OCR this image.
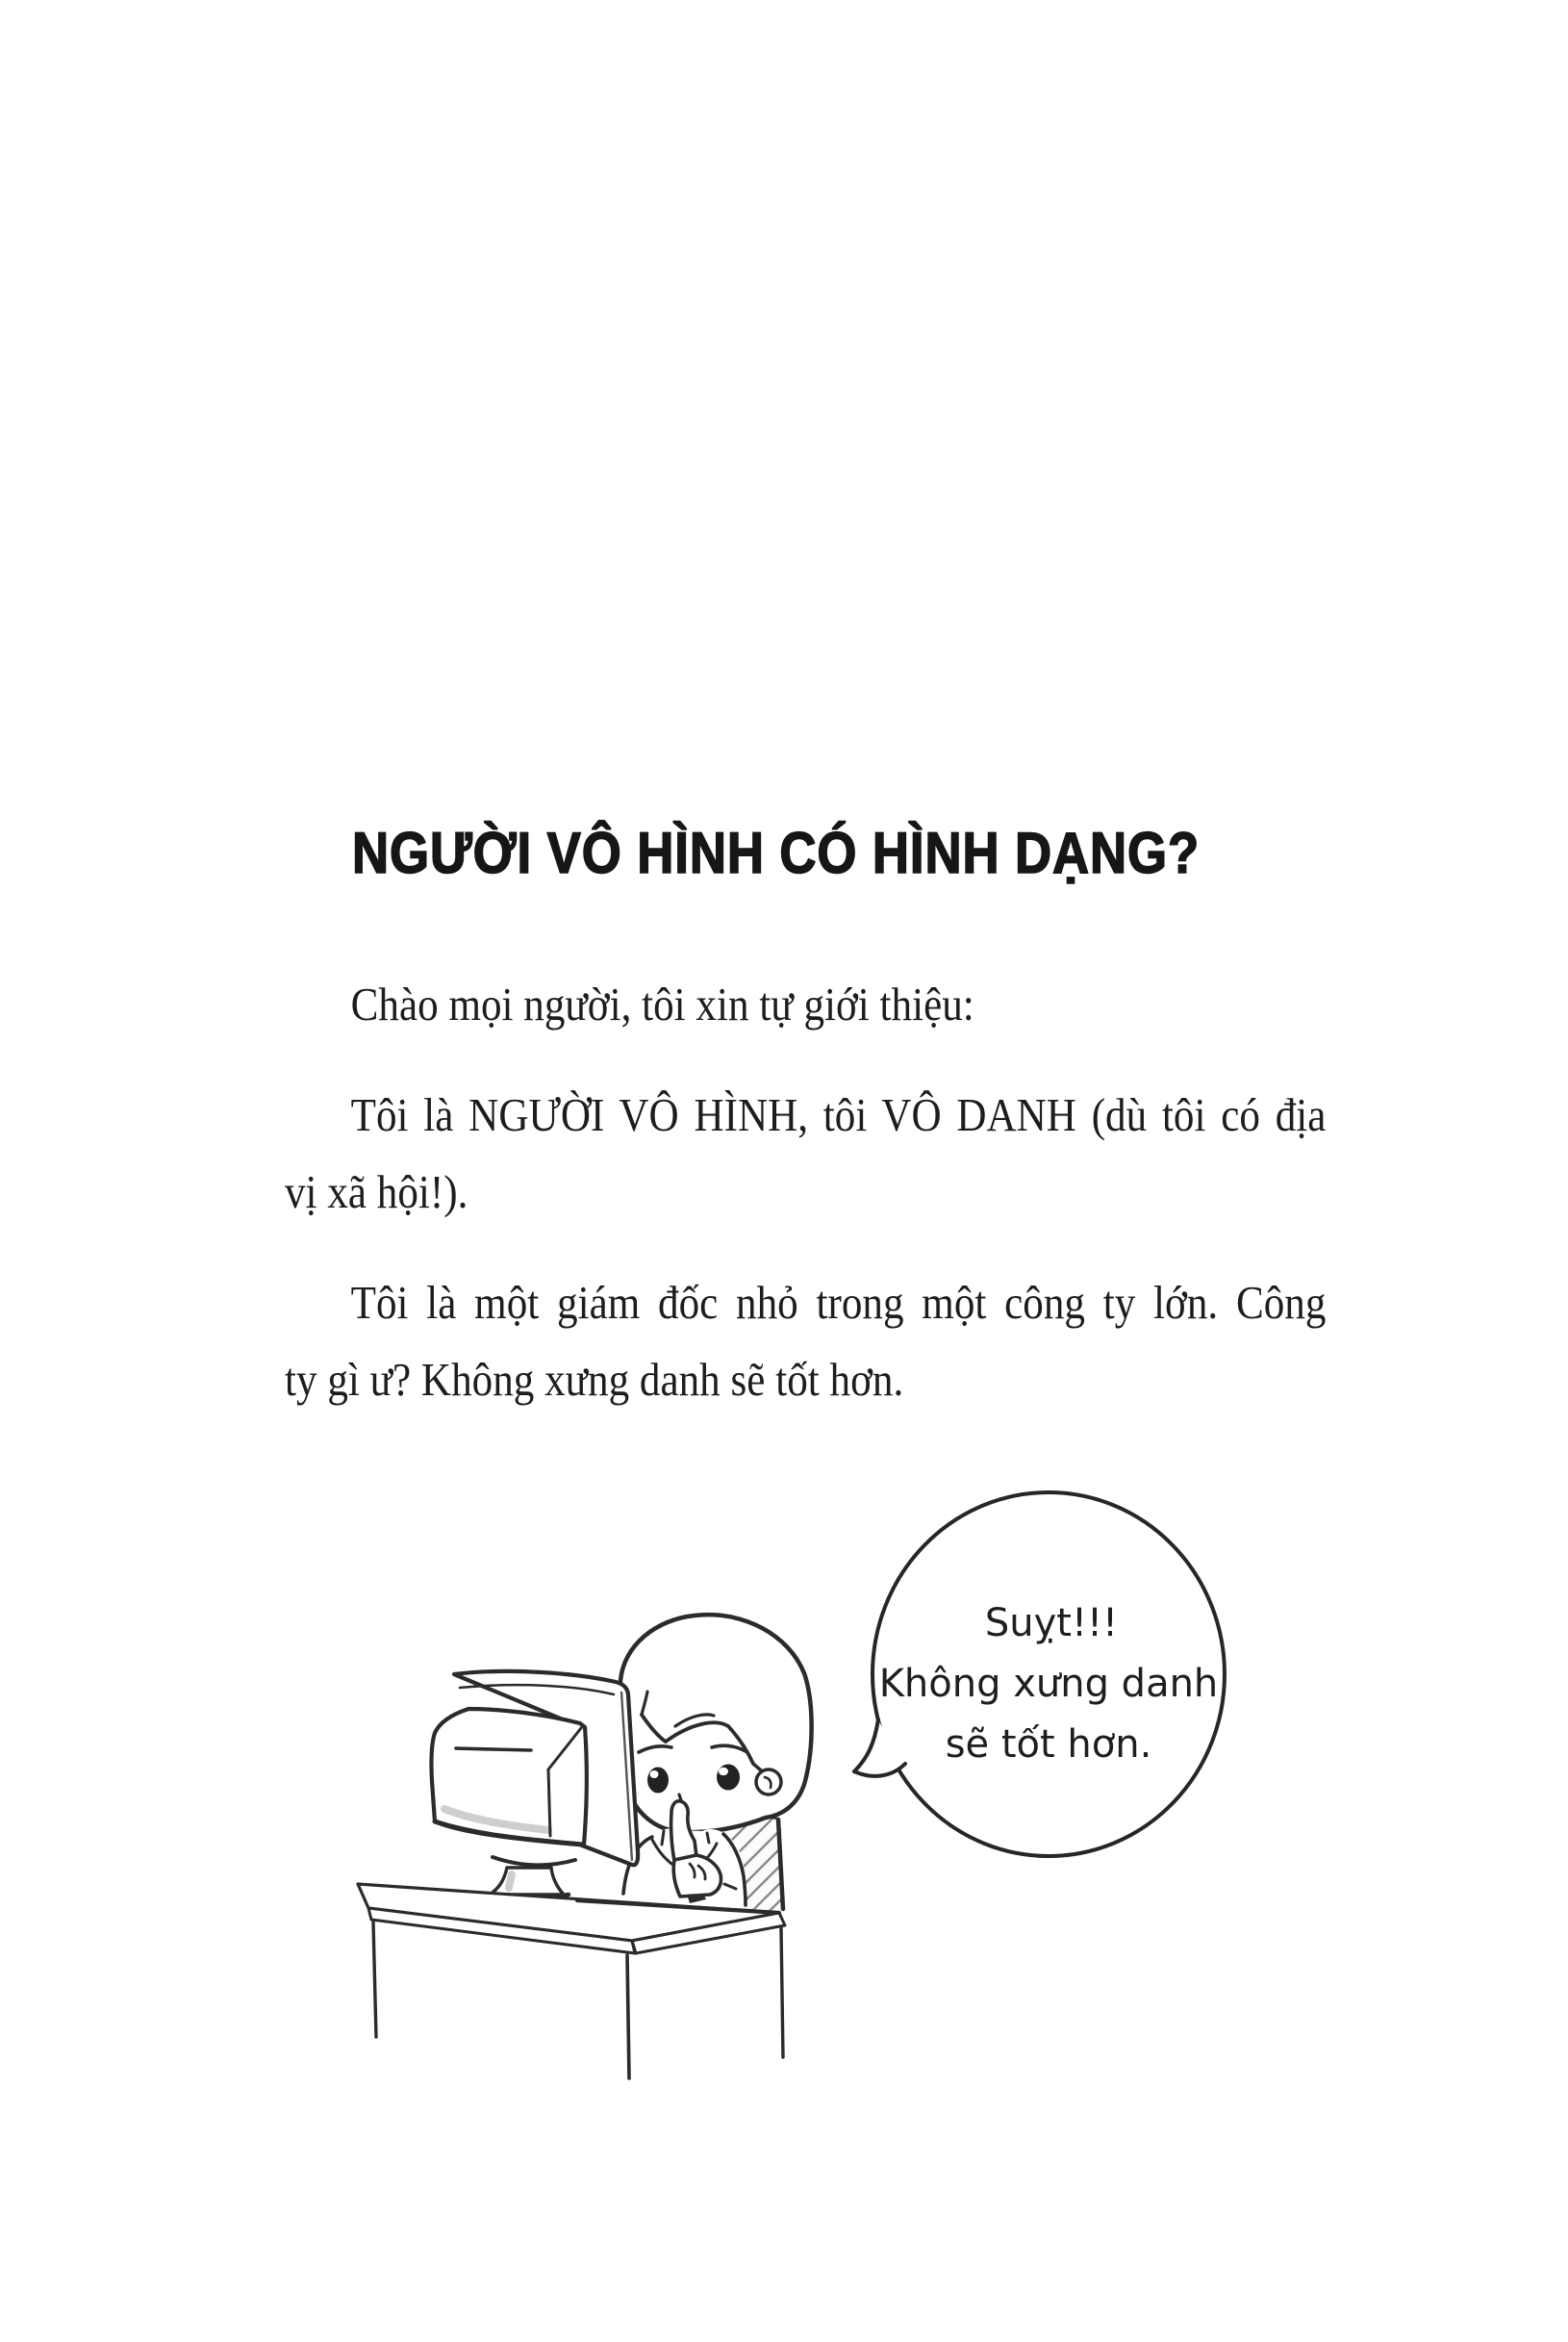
NGƯỜI VÔ HÌNH CÓ HÌNH DẠNG?

Chào mọi người, tôi xin tự giới thiệu:

Tôi là NGƯỜI VÔ HÌNH, tôi VÔ DANH (dù tôi có địa
vị xã hội!).

Tôi là một giám đốc nhỏ trong một công ty lớn. Công
ty gì ư? Không xưng danh sẽ tốt hơn.

Suỵt!!!
Không xưng danh
sẽ tốt hơn.
